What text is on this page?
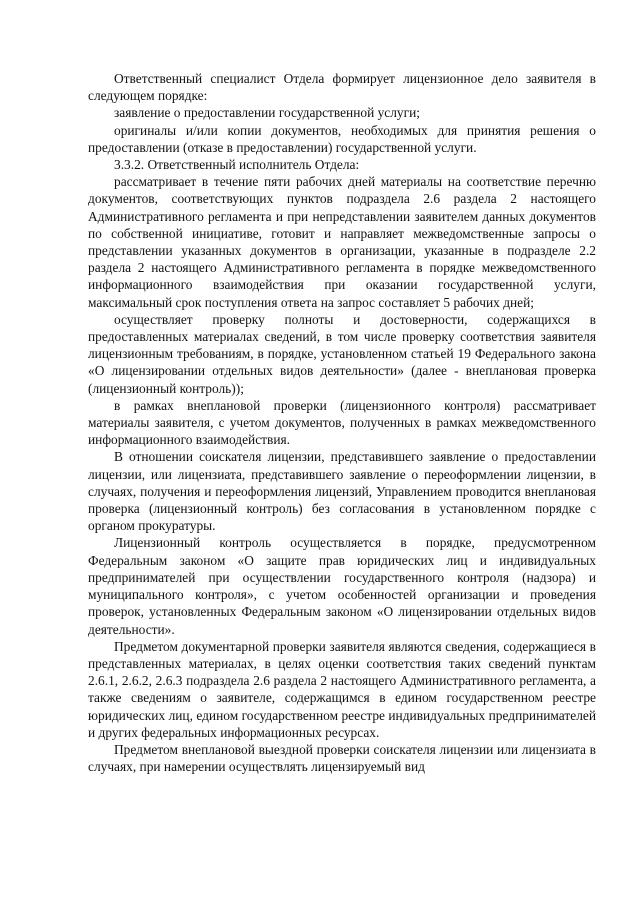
Ответственный специалист Отдела формирует лицензионное дело заявителя в следующем порядке:

заявление о предоставлении государственной услуги;

оригиналы и/или копии документов, необходимых для принятия решения о предоставлении (отказе в предоставлении) государственной услуги.

3.3.2. Ответственный исполнитель Отдела:

рассматривает в течение пяти рабочих дней материалы на соответствие перечню документов, соответствующих пунктов подраздела 2.6 раздела 2 настоящего Административного регламента и при непредставлении заявителем данных документов по собственной инициативе, готовит и направляет межведомственные запросы о представлении указанных документов в организации, указанные в подразделе 2.2 раздела 2 настоящего Административного регламента в порядке межведомственного информационного взаимодействия при оказании государственной услуги, максимальный срок поступления ответа на запрос составляет 5 рабочих дней;

осуществляет проверку полноты и достоверности, содержащихся в предоставленных материалах сведений, в том числе проверку соответствия заявителя лицензионным требованиям, в порядке, установленном статьей 19 Федерального закона «О лицензировании отдельных видов деятельности» (далее - внеплановая проверка (лицензионный контроль));

в рамках внеплановой проверки (лицензионного контроля) рассматривает материалы заявителя, с учетом документов, полученных в рамках межведомственного информационного взаимодействия.

В отношении соискателя лицензии, представившего заявление о предоставлении лицензии, или лицензиата, представившего заявление о переоформлении лицензии, в случаях, получения и переоформления лицензий, Управлением проводится внеплановая проверка (лицензионный контроль) без согласования в установленном порядке с органом прокуратуры.

Лицензионный контроль осуществляется в порядке, предусмотренном Федеральным законом «О защите прав юридических лиц и индивидуальных предпринимателей при осуществлении государственного контроля (надзора) и муниципального контроля», с учетом особенностей организации и проведения проверок, установленных Федеральным законом «О лицензировании отдельных видов деятельности».

Предметом документарной проверки заявителя являются сведения, содержащиеся в представленных материалах, в целях оценки соответствия таких сведений пунктам 2.6.1, 2.6.2, 2.6.3 подраздела 2.6 раздела 2 настоящего Административного регламента, а также сведениям о заявителе, содержащимся в едином государственном реестре юридических лиц, едином государственном реестре индивидуальных предпринимателей и других федеральных информационных ресурсах.

Предметом внеплановой выездной проверки соискателя лицензии или лицензиата в случаях, при намерении осуществлять лицензируемый вид
